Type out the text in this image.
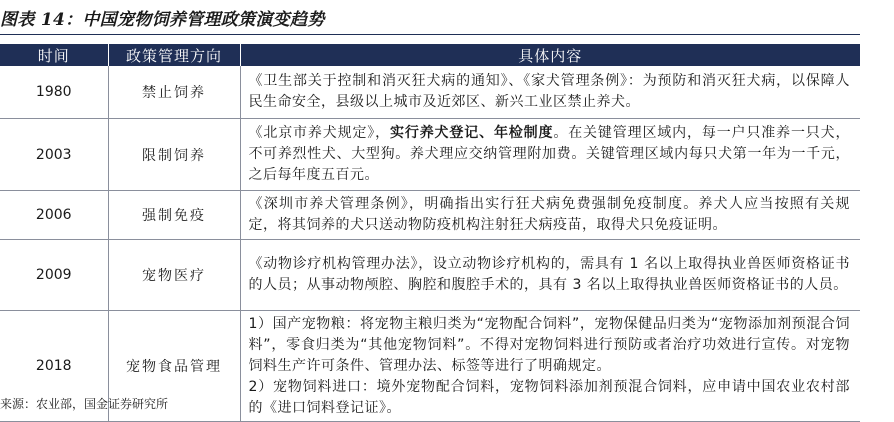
图表 14：中国宠物饲养管理政策演变趋势
时间	政策管理方向	具体内容
1980	禁止饲养	《卫生部关于控制和消灭狂犬病的通知》、《家犬管理条例》：为预防和消灭狂犬病，以保障人民生命安全，县级以上城市及近郊区、新兴工业区禁止养犬。
2003	限制饲养	《北京市养犬规定》，实行养犬登记、年检制度。在关键管理区域内，每一户只准养一只犬，不可养烈性犬、大型狗。养犬理应交纳管理附加费。关键管理区域内每只犬第一年为一千元，之后每年度五百元。
2006	强制免疫	《深圳市养犬管理条例》，明确指出实行狂犬病免费强制免疫制度。养犬人应当按照有关规定，将其饲养的犬只送动物防疫机构注射狂犬病疫苗，取得犬只免疫证明。
2009	宠物医疗	《动物诊疗机构管理办法》，设立动物诊疗机构的，需具有 1 名以上取得执业兽医师资格证书的人员；从事动物颅腔、胸腔和腹腔手术的，具有 3 名以上取得执业兽医师资格证书的人员。
2018	宠物食品管理	1）国产宠物粮：将宠物主粮归类为“宠物配合饲料”，宠物保健品归类为“宠物添加剂预混合饲料”，零食归类为“其他宠物饲料”。不得对宠物饲料进行预防或者治疗功效进行宣传。对宠物饲料生产许可条件、管理办法、标签等进行了明确规定。
2）宠物饲料进口：境外宠物配合饲料，宠物饲料添加剂预混合饲料，应申请中国农业农村部的《进口饲料登记证》。
来源：农业部，国金证券研究所
